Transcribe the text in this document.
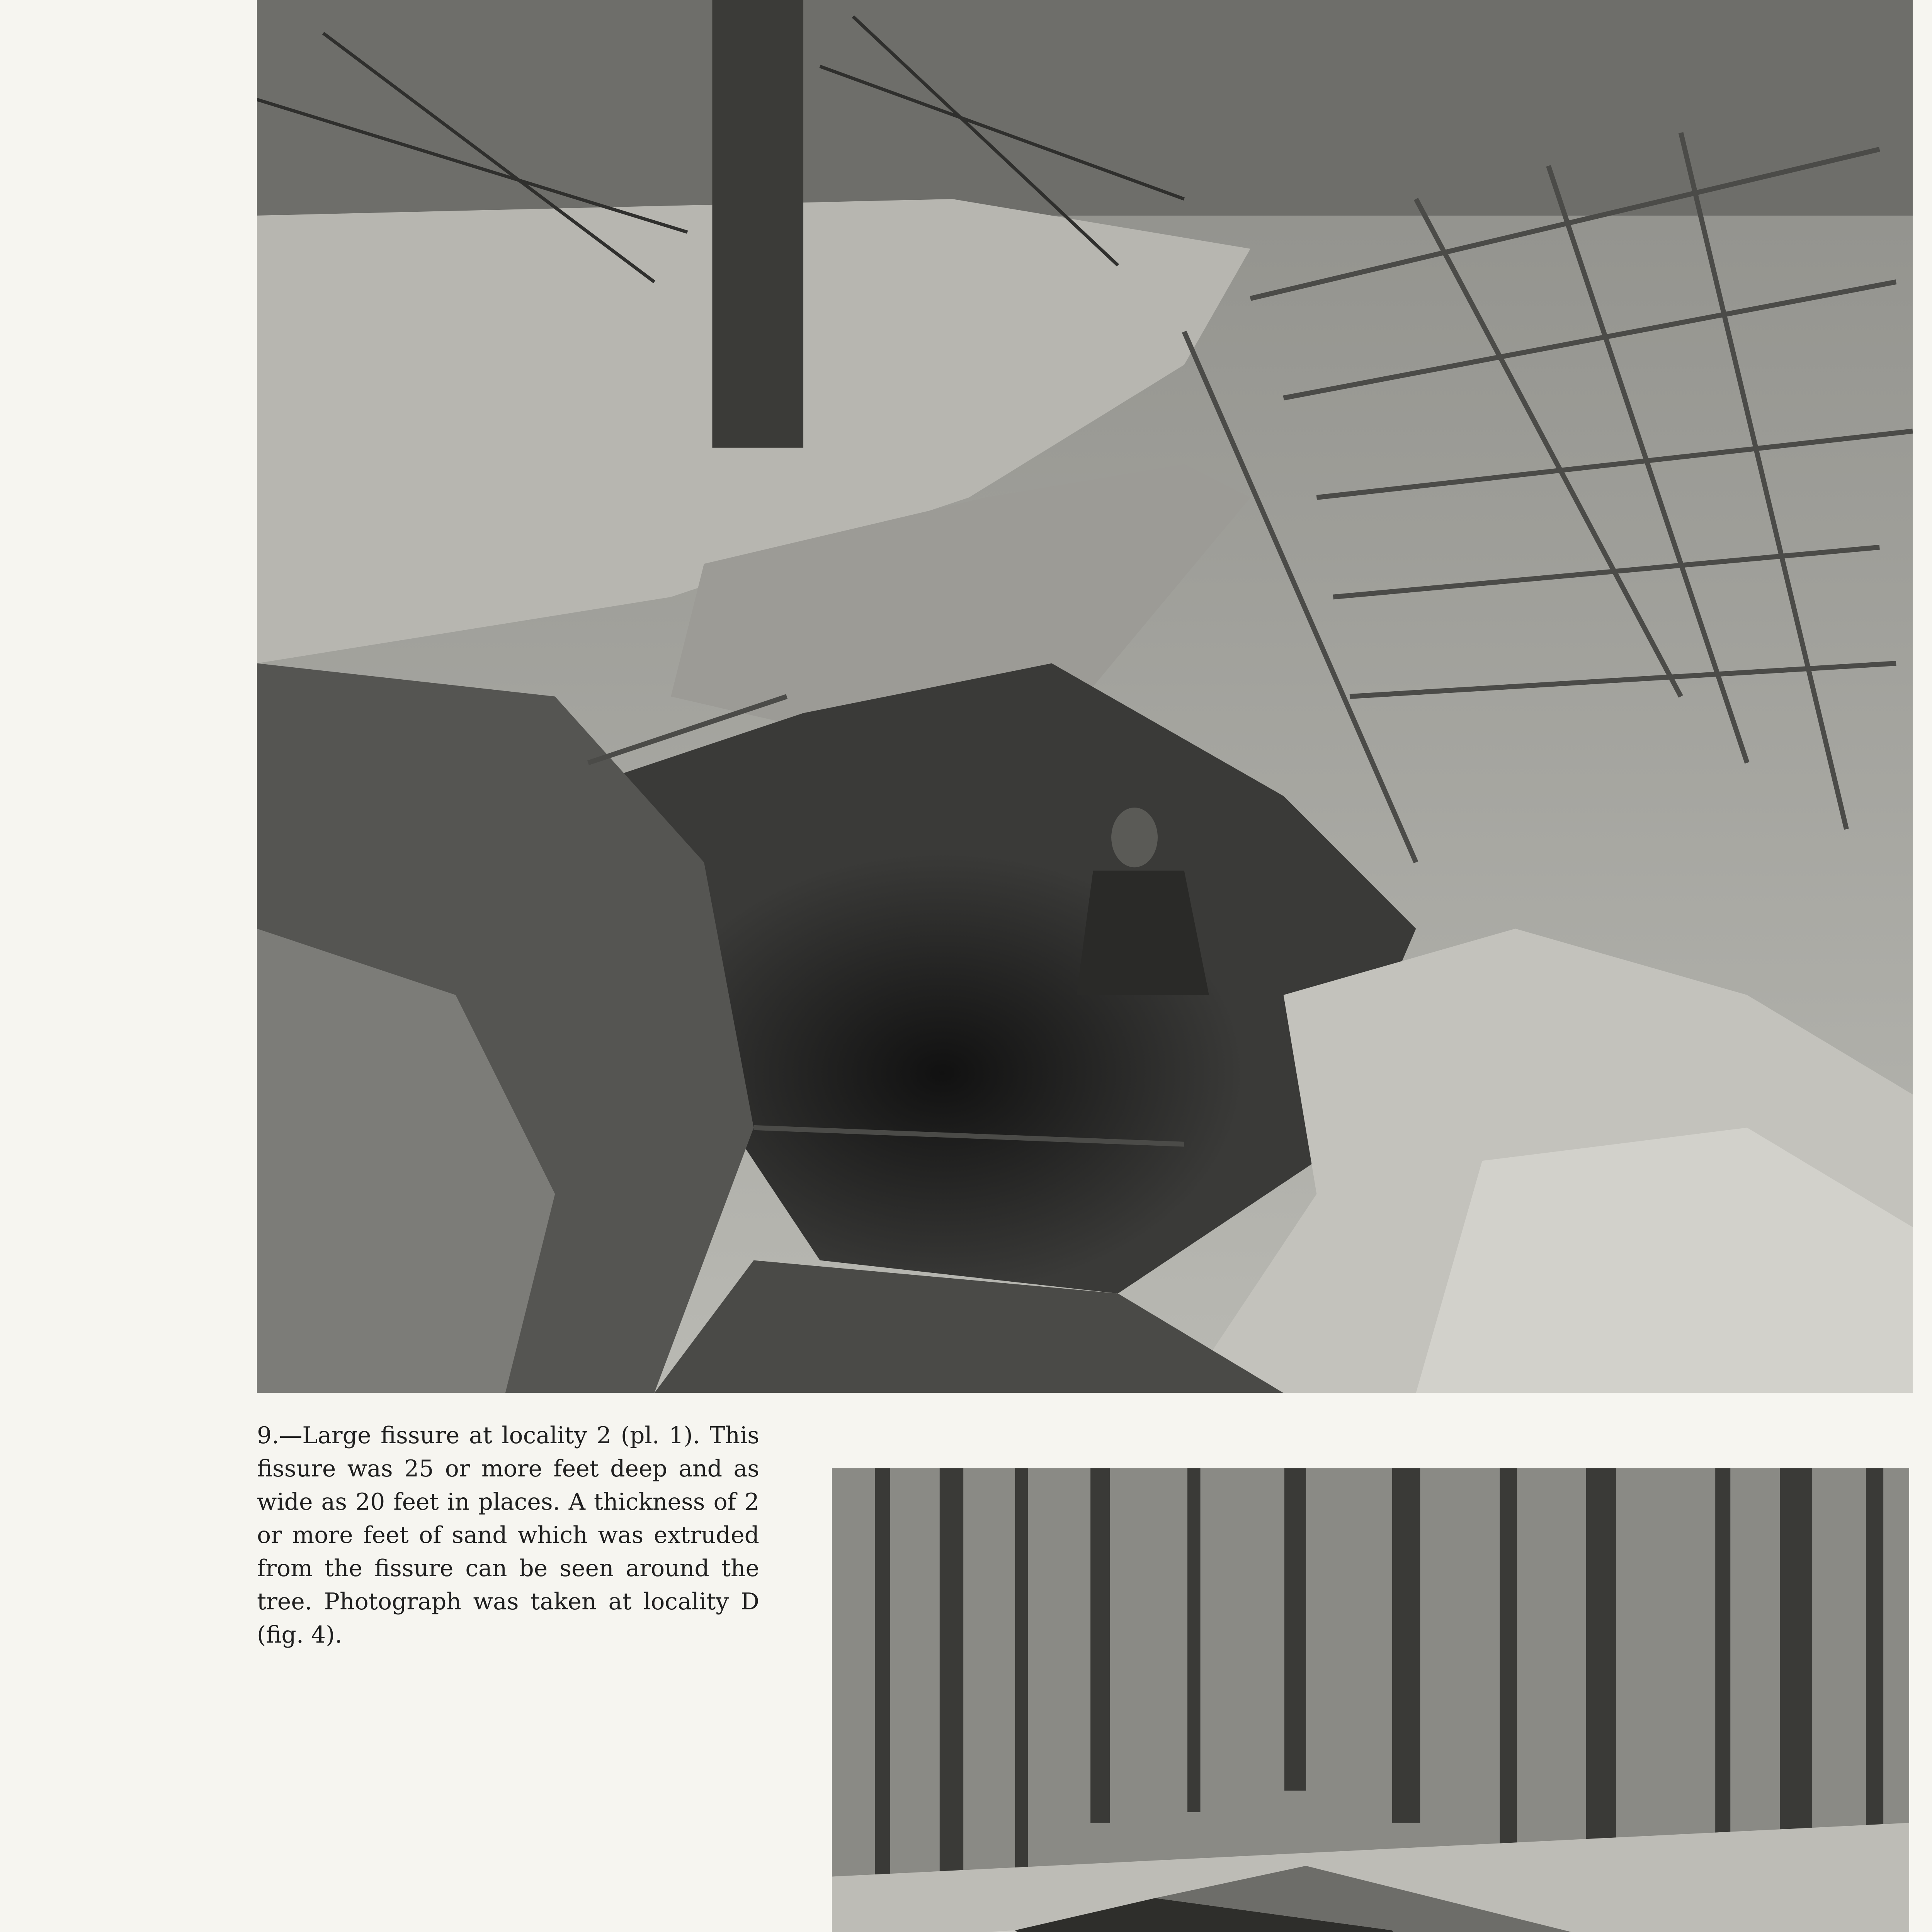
9.—Large fissure at locality 2 (pl. 1). This fissure was 25 or more feet deep and as wide as 20 feet in places. A thickness of 2 or more feet of sand which was extruded from the fissure can be seen around the tree. Photograph was taken at locality D (fig. 4).
